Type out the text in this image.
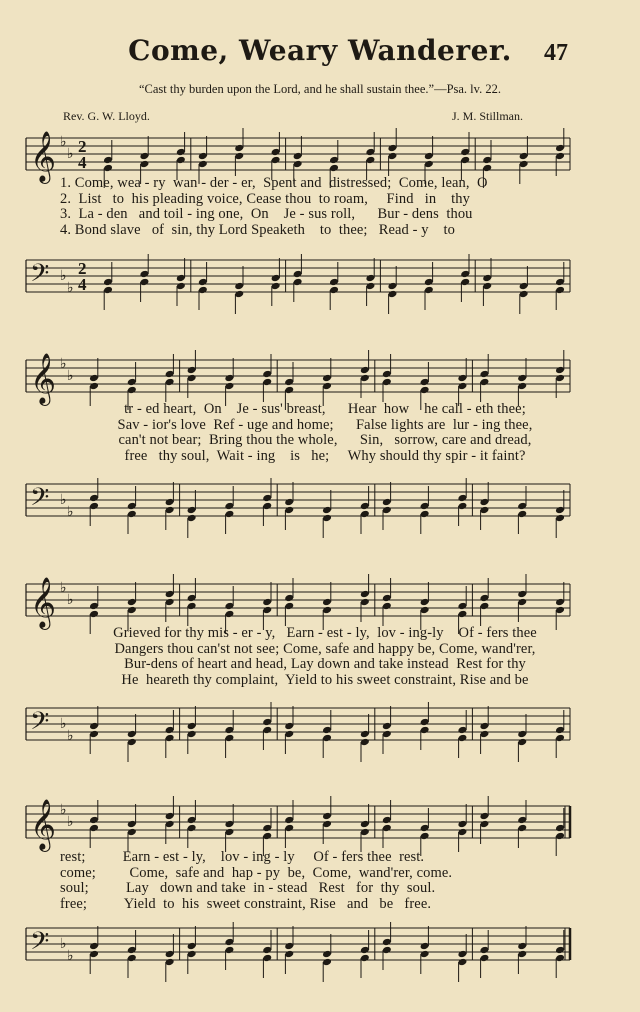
Come, Weary Wanderer.	47
“Cast thy burden upon the Lord, and he shall sustain thee.”—Psa. lv. 22.
Rev. G. W. Lloyd.	J. M. Stillman.
𝄞 ♭
♭ 2
4
1. Come, wea - ry  wan - der - er,  Spent and  distressed;  Come, lean,  O
2.  List   to  his pleading voice, Cease thou  to roam,     Find   in    thy
3.  La - den   and toil - ing one,  On    Je - sus roll,      Bur - dens  thou
4. Bond slave   of  sin, thy Lord Speaketh    to  thee;   Read - y    to
𝄢 ♭
♭
2
4
𝄞 ♭
♭
tr - ed heart,  On    Je - sus' breast,      Hear  how    he call - eth thee;
Sav - ior's love  Ref - uge and home;      False lights are  lur - ing thee,
can't not bear;  Bring thou the whole,      Sin,   sorrow, care and dread,
free   thy soul,  Wait - ing    is   he;     Why should thy spir - it faint?
𝄢 ♭
♭
𝄞 ♭
♭
Grieved for thy mis - er - y,   Earn - est - ly,  lov - ing-ly    Of - fers thee
Dangers thou can'st not see; Come, safe and happy be, Come, wand'rer,
Bur-dens of heart and head, Lay down and take instead  Rest for thy
He  heareth thy complaint,  Yield to his sweet constraint, Rise and be
𝄢 ♭
♭
𝄞 ♭
♭
rest;          Earn - est - ly,    lov - ing - ly     Of - fers thee  rest.
come;         Come,  safe and  hap - py  be,  Come,  wand'rer, come.
soul;          Lay   down and take  in - stead   Rest   for  thy  soul.
free;          Yield  to  his  sweet constraint, Rise   and   be   free.
𝄢 ♭
♭
